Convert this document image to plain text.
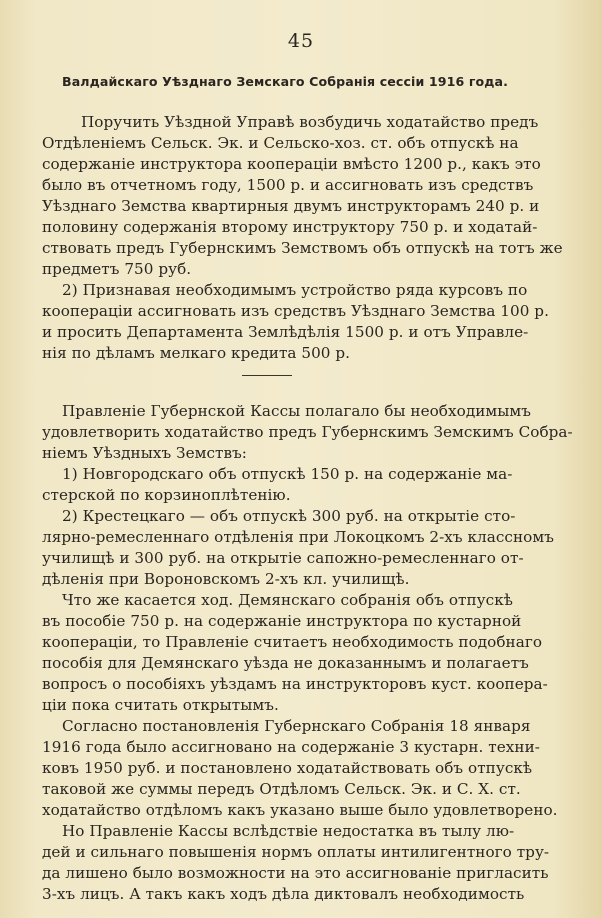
45
Валдайскаго Уѣзднаго Земскаго Собранія сессіи 1916 года.
Поручить Уѣздной Управѣ возбудичь ходатайство предъ
Отдѣленіемъ Сельск. Эк. и Сельско-хоз. ст. объ отпускѣ на
содержаніе инструктора коопераціи вмѣсто 1200 р., какъ это
было въ отчетномъ году, 1500 р. и ассигновать изъ средствъ
Уѣзднаго Земства квартирныя двумъ инструкторамъ 240 р. и
половину содержанія второму инструктору 750 р. и ходатай-
ствовать предъ Губернскимъ Земствомъ объ отпускѣ на тотъ же
предметъ 750 руб.
2) Признавая необходимымъ устройство ряда курсовъ по
коопераціи ассигновать изъ средствъ Уѣзднаго Земства 100 р.
и просить Департамента Землѣдѣлія 1500 р. и отъ Управле-
нія по дѣламъ мелкаго кредита 500 р.
Правленіе Губернской Кассы полагало бы необходимымъ
удовлетворить ходатайство предъ Губернскимъ Земскимъ Собра-
ніемъ Уѣздныхъ Земствъ:
1) Новгородскаго объ отпускѣ 150 р. на содержаніе ма-
стерской по корзиноплѣтенію.
2) Крестецкаго — объ отпускѣ 300 руб. на открытіе сто-
лярно-ремесленнаго отдѣленія при Локоцкомъ 2-хъ классномъ
училищѣ и 300 руб. на открытіе сапожно-ремесленнаго от-
дѣленія при Вороновскомъ 2-хъ кл. училищѣ.
Что же касается ход. Демянскаго собранія объ отпускѣ
въ пособіе 750 р. на содержаніе инструктора по кустарной
коопераціи, то Правленіе считаетъ необходимость подобнаго
пособія для Демянскаго уѣзда не доказаннымъ и полагаетъ
вопросъ о пособіяхъ уѣздамъ на инструкторовъ куст. коопера-
ціи пока считать открытымъ.
Согласно постановленія Губернскаго Собранія 18 января
1916 года было ассигновано на содержаніе 3 кустарн. техни-
ковъ 1950 руб. и постановлено ходатайствовать объ отпускѣ
таковой же суммы передъ Отдѣломъ Сельск. Эк. и С. Х. ст.
ходатайство отдѣломъ какъ указано выше было удовлетворено.
Но Правленіе Кассы вслѣдствіе недостатка въ тылу лю-
дей и сильнаго повышенія нормъ оплаты интилигентного тру-
да лишено было возможности на это ассигнованіе пригласить
3-хъ лицъ. А такъ какъ ходъ дѣла диктовалъ необходимость
